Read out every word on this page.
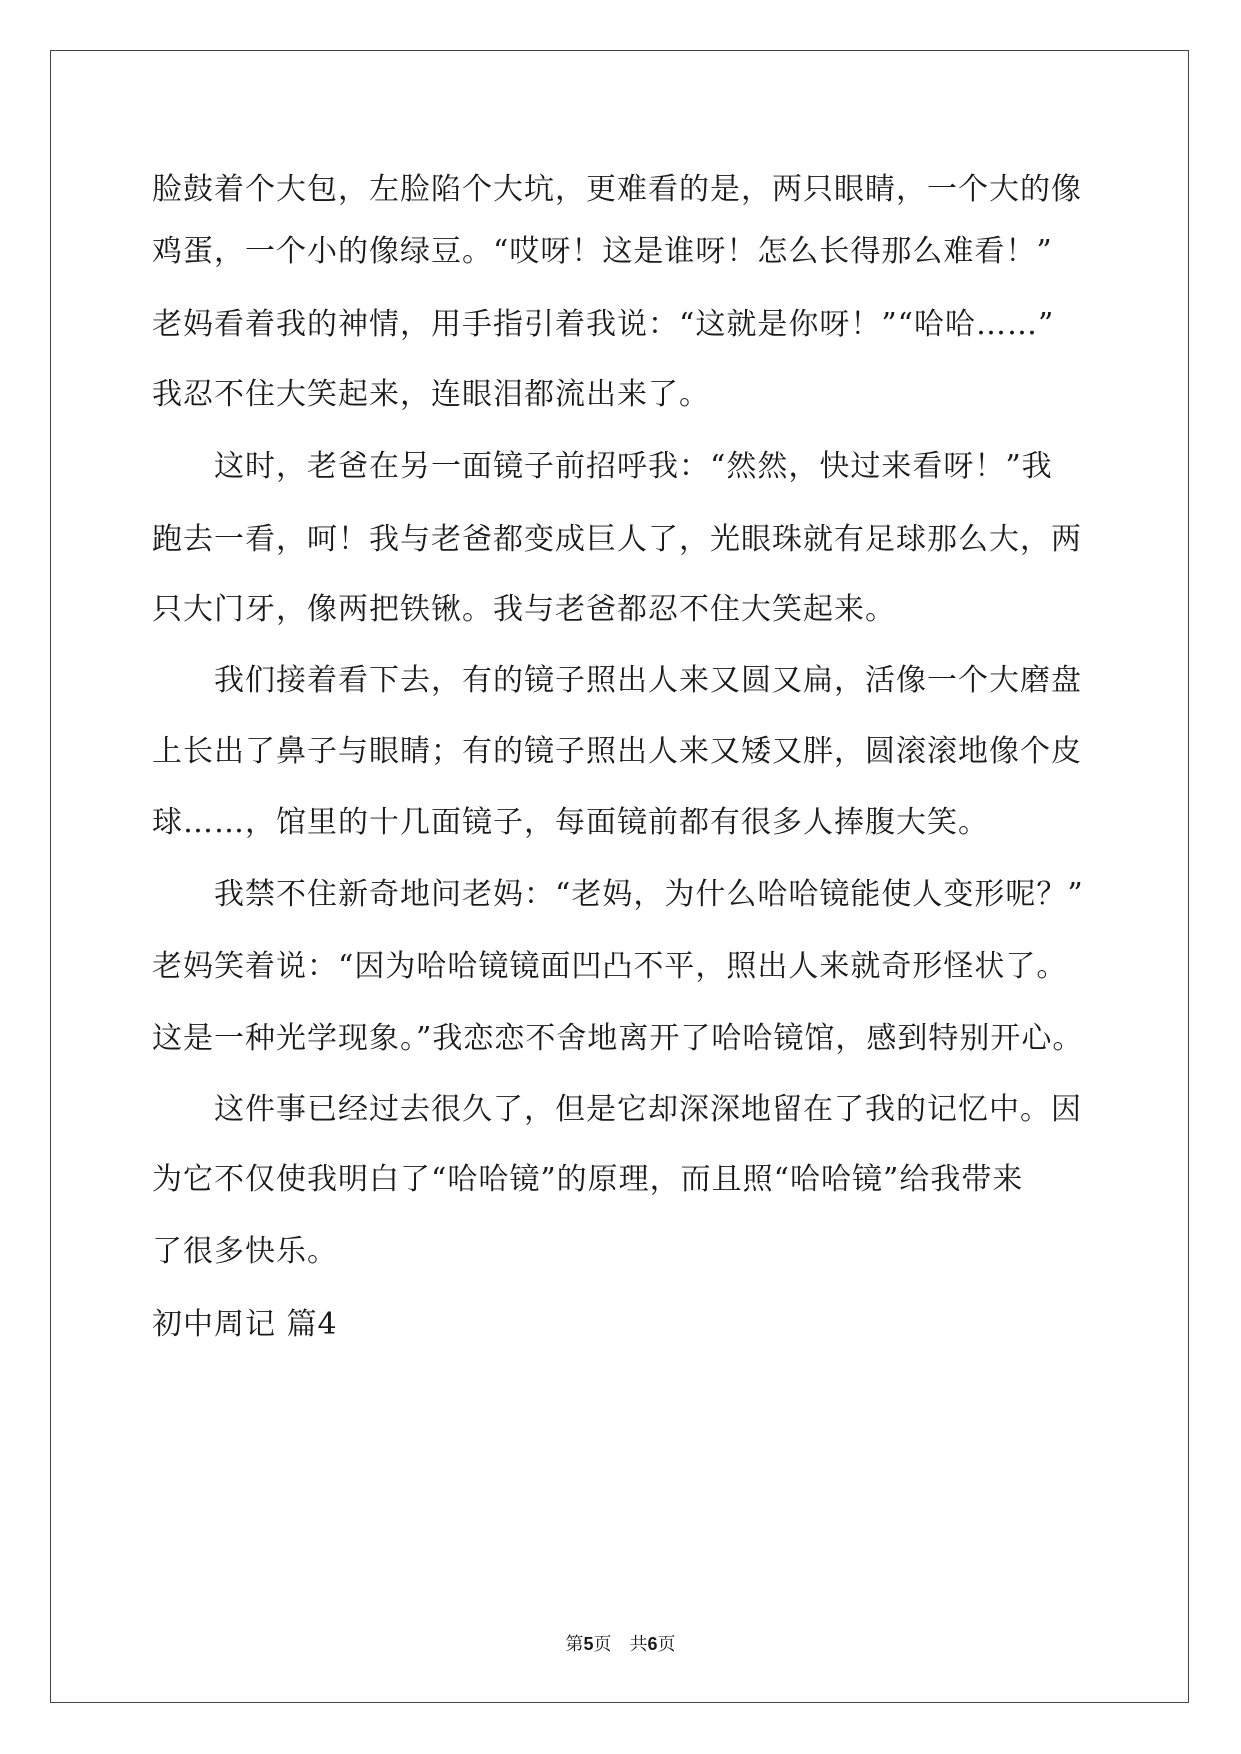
脸鼓着个大包，左脸陷个大坑，更难看的是，两只眼睛，一个大的像
鸡蛋，一个小的像绿豆。“哎呀！这是谁呀！怎么长得那么难看！”
老妈看着我的神情，用手指引着我说：“这就是你呀！”“哈哈……”
我忍不住大笑起来，连眼泪都流出来了。
　　这时，老爸在另一面镜子前招呼我：“然然，快过来看呀！”我
跑去一看，呵！我与老爸都变成巨人了，光眼珠就有足球那么大，两
只大门牙，像两把铁锹。我与老爸都忍不住大笑起来。
　　我们接着看下去，有的镜子照出人来又圆又扁，活像一个大磨盘
上长出了鼻子与眼睛；有的镜子照出人来又矮又胖，圆滚滚地像个皮
球……，馆里的十几面镜子，每面镜前都有很多人捧腹大笑。
　　我禁不住新奇地问老妈：“老妈，为什么哈哈镜能使人变形呢？”
老妈笑着说：“因为哈哈镜镜面凹凸不平，照出人来就奇形怪状了。
这是一种光学现象。”我恋恋不舍地离开了哈哈镜馆，感到特别开心。
　　这件事已经过去很久了，但是它却深深地留在了我的记忆中。因
为它不仅使我明白了“哈哈镜”的原理，而且照“哈哈镜”给我带来
了很多快乐。
初中周记 篇4
第5页　共6页
